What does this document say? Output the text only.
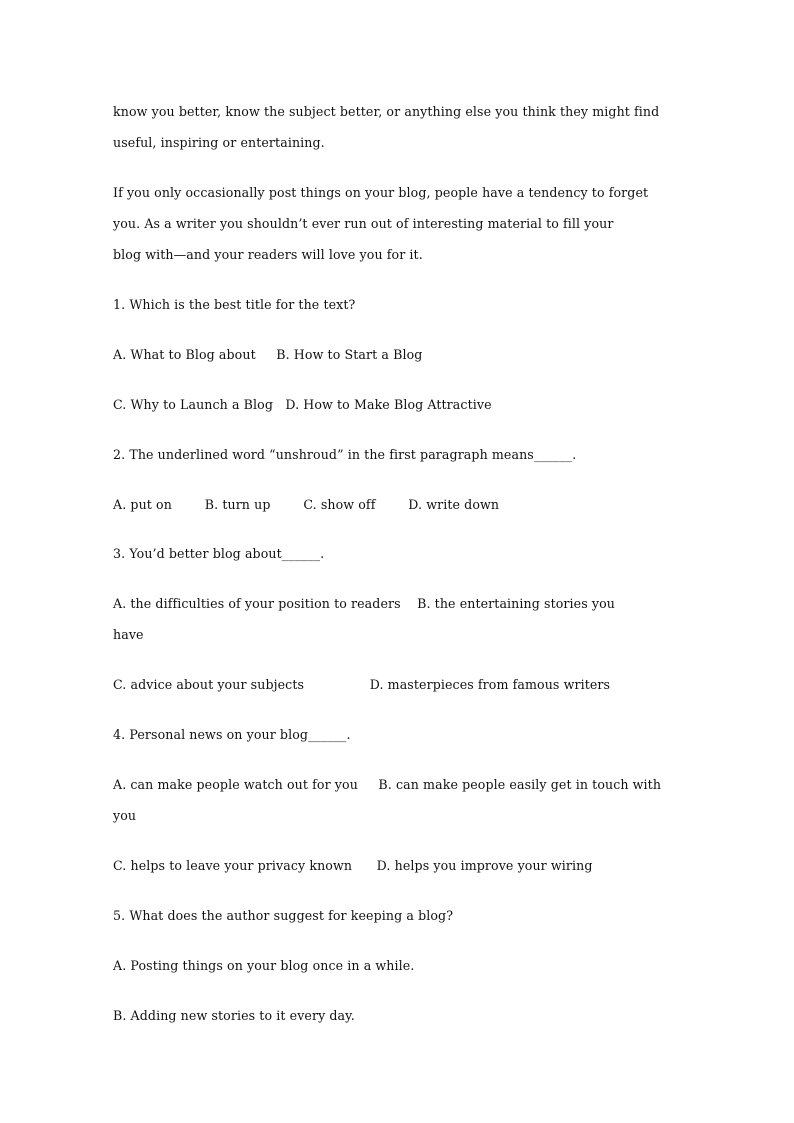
know you better, know the subject better, or anything else you think they might find
useful, inspiring or entertaining.
If you only occasionally post things on your blog, people have a tendency to forget
you. As a writer you shouldn’t ever run out of interesting material to fill your
blog with—and your readers will love you for it.
1. Which is the best title for the text?
A. What to Blog about     B. How to Start a Blog
C. Why to Launch a Blog   D. How to Make Blog Attractive
2. The underlined word “unshroud” in the first paragraph means______.
A. put on        B. turn up        C. show off        D. write down
3. You’d better blog about______.
A. the difficulties of your position to readers    B. the entertaining stories you
have
C. advice about your subjects                D. masterpieces from famous writers
4. Personal news on your blog______.
A. can make people watch out for you     B. can make people easily get in touch with
you
C. helps to leave your privacy known      D. helps you improve your wiring
5. What does the author suggest for keeping a blog?
A. Posting things on your blog once in a while.
B. Adding new stories to it every day.
